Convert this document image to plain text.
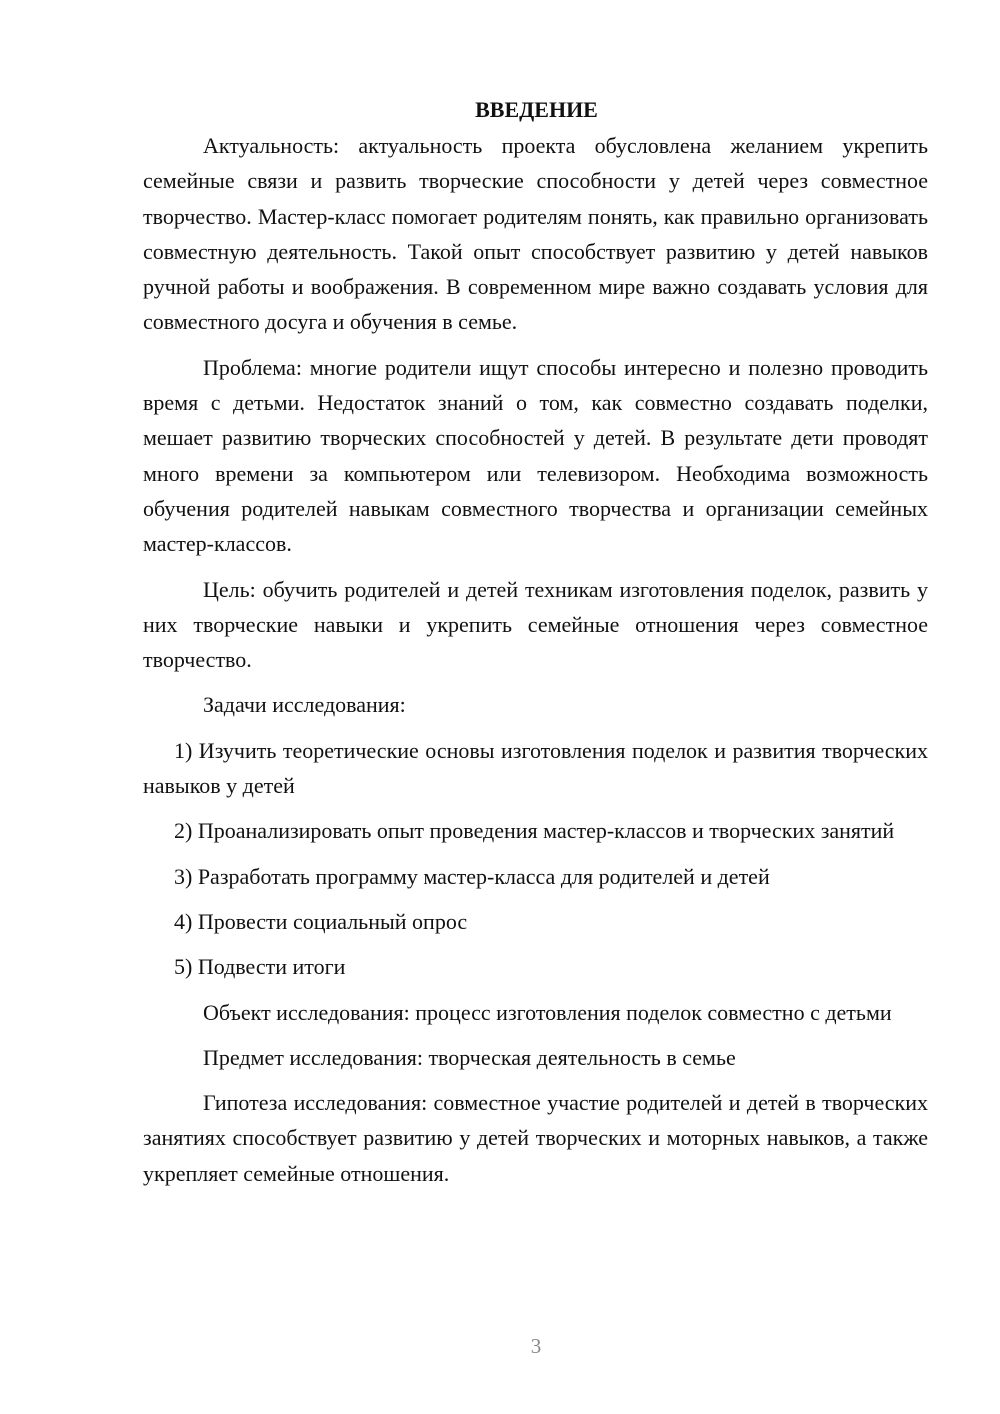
ВВЕДЕНИЕ

Актуальность: актуальность проекта обусловлена желанием укрепить семейные связи и развить творческие способности у детей через совместное творчество. Мастер-класс помогает родителям понять, как правильно организовать совместную деятельность. Такой опыт способствует развитию у детей навыков ручной работы и воображения. В современном мире важно создавать условия для совместного досуга и обучения в семье.

Проблема: многие родители ищут способы интересно и полезно проводить время с детьми. Недостаток знаний о том, как совместно создавать поделки, мешает развитию творческих способностей у детей. В результате дети проводят много времени за компьютером или телевизором. Необходима возможность обучения родителей навыкам совместного творчества и организации семейных мастер-классов.

Цель: обучить родителей и детей техникам изготовления поделок, развить у них творческие навыки и укрепить семейные отношения через совместное творчество.

Задачи исследования:

1) Изучить теоретические основы изготовления поделок и развития творческих навыков у детей

2) Проанализировать опыт проведения мастер-классов и творческих занятий

3) Разработать программу мастер-класса для родителей и детей

4) Провести социальный опрос

5) Подвести итоги

Объект исследования: процесс изготовления поделок совместно с детьми

Предмет исследования: творческая деятельность в семье

Гипотеза исследования: совместное участие родителей и детей в творческих занятиях способствует развитию у детей творческих и моторных навыков, а также укрепляет семейные отношения.

3
